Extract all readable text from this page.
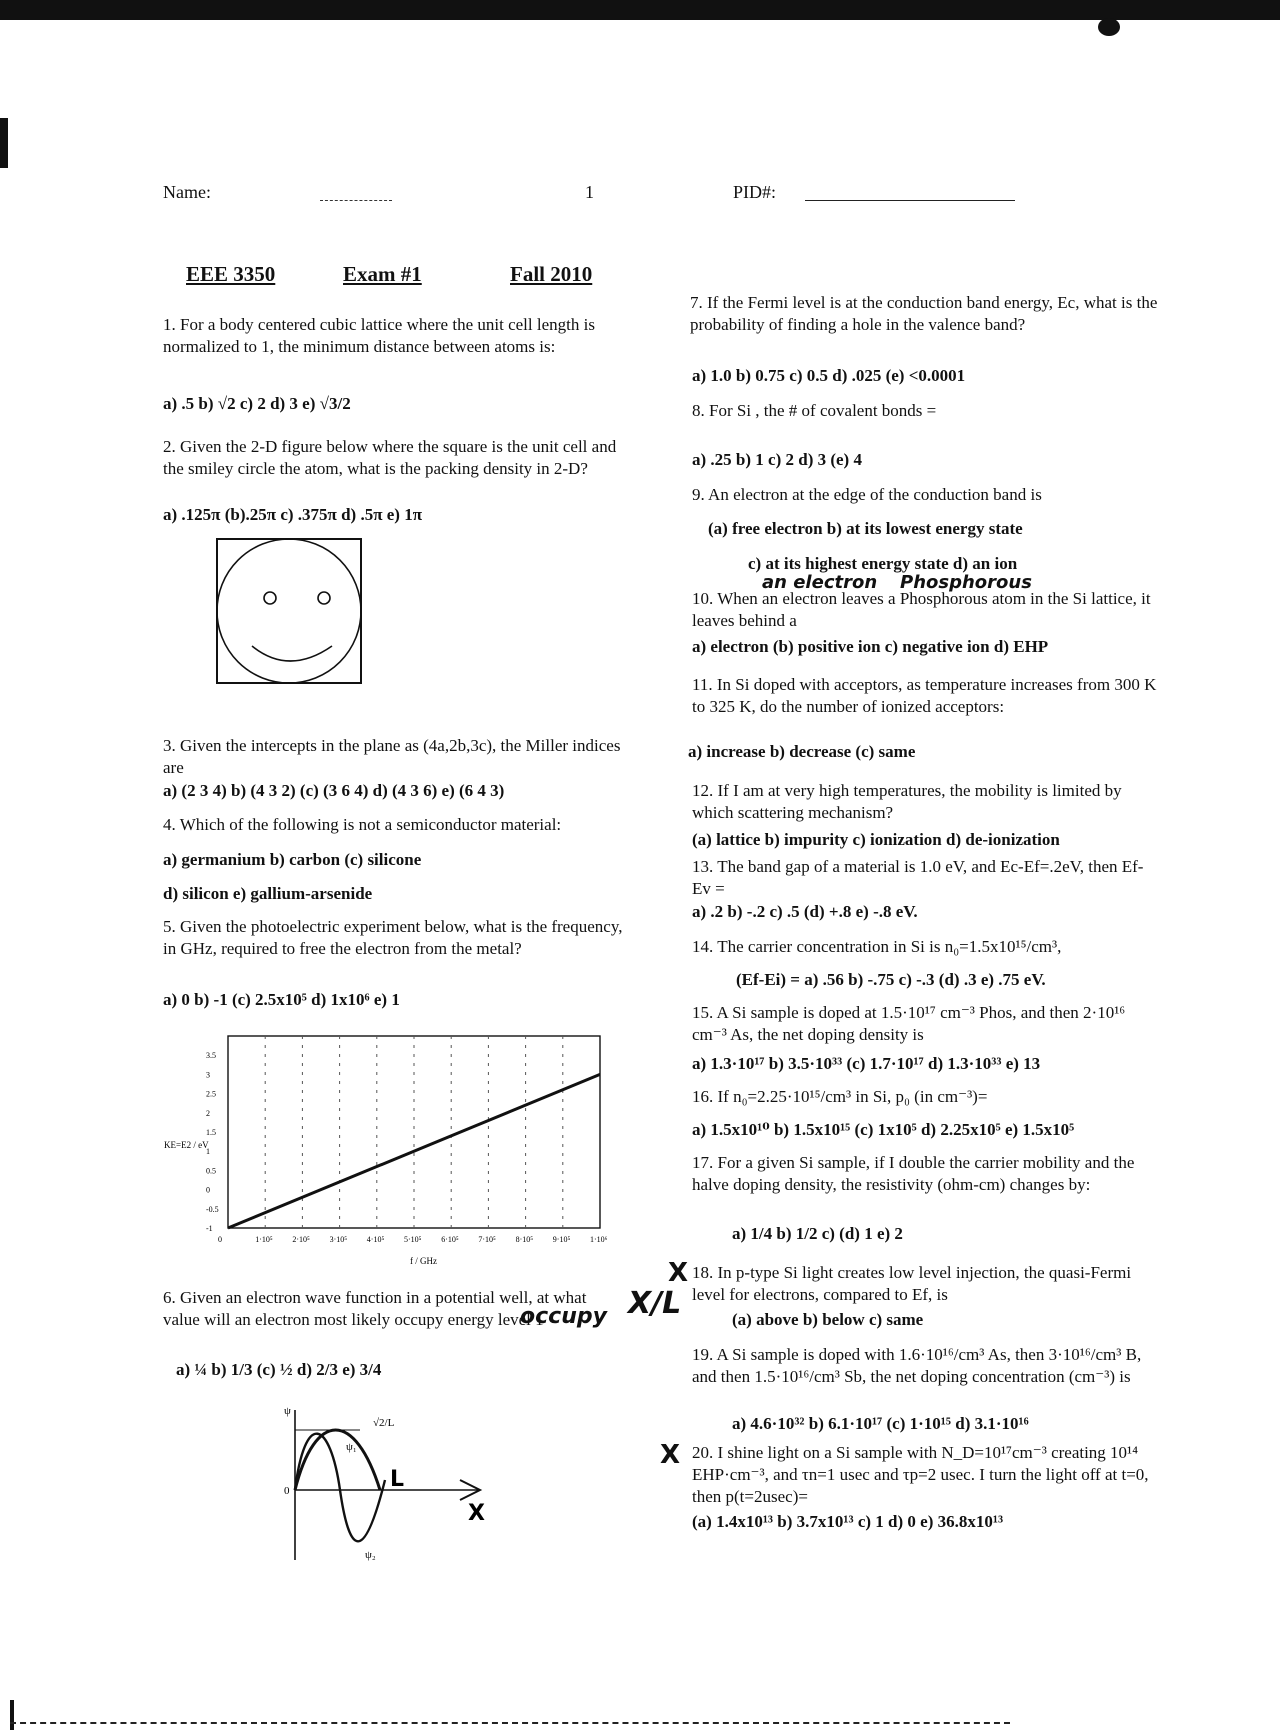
Name:	1	PID#:
EEE 3350	Exam #1	Fall 2010
1. For a body centered cubic lattice where the unit cell length is normalized to 1, the minimum distance between atoms is:
a) .5 b) √2 c) 2 d) 3 e) √3/2
2. Given the 2-D figure below where the square is the unit cell and the smiley circle the atom, what is the packing density in 2-D?
a) .125π (b).25π c) .375π d) .5π e) 1π
3. Given the intercepts in the plane as (4a,2b,3c), the Miller indices are
a) (2 3 4) b) (4 3 2) (c) (3 6 4) d) (4 3 6) e) (6 4 3)
4. Which of the following is not a semiconductor material:
a) germanium b) carbon (c) silicone
d) silicon e) gallium-arsenide
5. Given the photoelectric experiment below, what is the frequency, in GHz, required to free the electron from the metal?
a) 0 b) -1 (c) 2.5x10⁵ d) 1x10⁶ e) 1
3.5
3
2.5
2
1.5
1
0.5
0
-0.5
-1
0	1·10⁵ 2·10⁵ 3·10⁵ 4·10⁵ 5·10⁵ 6·10⁵ 7·10⁵ 8·10⁵ 9·10⁵ 1·10⁶
KE=E2 / eV
f / GHz
6. Given an electron wave function in a potential well, at what value will an electron most likely occupy energy level 1
a) ¼ b) 1/3 (c) ½ d) 2/3 e) 3/4
X/L
occupy
ψ
ψ₁
ψ₂
0
√2/L
L
X
7. If the Fermi level is at the conduction band energy, Ec, what is the probability of finding a hole in the valence band?
a) 1.0 b) 0.75 c) 0.5 d) .025 (e) <0.0001
8. For Si , the # of covalent bonds =
a) .25 b) 1 c) 2 d) 3 (e) 4
9. An electron at the edge of the conduction band is
(a) free electron b) at its lowest energy state
c) at its highest energy state d) an ion
an electron Phosphorous
10. When an electron leaves a Phosphorous atom in the Si lattice, it leaves behind a
a) electron (b) positive ion c) negative ion d) EHP
11. In Si doped with acceptors, as temperature increases from 300 K to 325 K, do the number of ionized acceptors:
a) increase b) decrease (c) same
12. If I am at very high temperatures, the mobility is limited by which scattering mechanism?
(a) lattice b) impurity c) ionization d) de-ionization
13. The band gap of a material is 1.0 eV, and Ec-Ef=.2eV, then Ef-Ev =
a) .2 b) -.2 c) .5 (d) +.8 e) -.8 eV.
14. The carrier concentration in Si is n₀=1.5x10¹⁵/cm³,
(Ef-Ei) = a) .56 b) -.75 c) -.3 (d) .3 e) .75 eV.
15. A Si sample is doped at 1.5·10¹⁷ cm⁻³ Phos, and then 2·10¹⁶ cm⁻³ As, the net doping density is
a) 1.3·10¹⁷ b) 3.5·10³³ (c) 1.7·10¹⁷ d) 1.3·10³³ e) 13
16. If n₀=2.25·10¹⁵/cm³ in Si, p₀ (in cm⁻³)=
a) 1.5x10¹⁰ b) 1.5x10¹⁵ (c) 1x10⁵ d) 2.25x10⁵ e) 1.5x10⁵
17. For a given Si sample, if I double the carrier mobility and the halve doping density, the resistivity (ohm-cm) changes by:
a) 1/4 b) 1/2 c) (d) 1 e) 2
X 18. In p-type Si light creates low level injection, the quasi-Fermi level for electrons, compared to Ef, is
(a) above b) below c) same
19. A Si sample is doped with 1.6·10¹⁶/cm³ As, then 3·10¹⁶/cm³ B, and then 1.5·10¹⁶/cm³ Sb, the net doping concentration (cm⁻³) is
a) 4.6·10³² b) 6.1·10¹⁷ (c) 1·10¹⁵ d) 3.1·10¹⁶
X 20. I shine light on a Si sample with N_D=10¹⁷cm⁻³ creating 10¹⁴ EHP·cm⁻³, and τn=1 usec and τp=2 usec. I turn the light off at t=0, then p(t=2usec)=
(a) 1.4x10¹³ b) 3.7x10¹³ c) 1 d) 0 e) 36.8x10¹³
